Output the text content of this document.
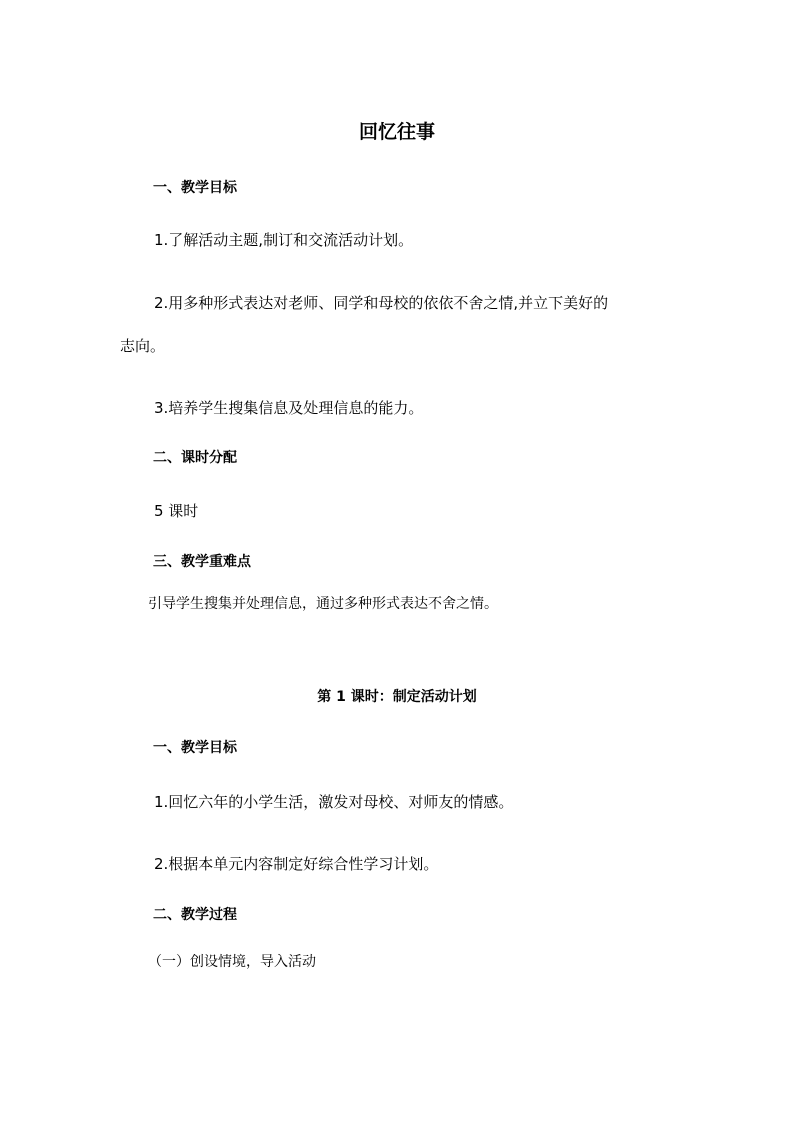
回忆往事
一、教学目标
1.了解活动主题,制订和交流活动计划。
2.用多种形式表达对老师、同学和母校的依依不舍之情,并立下美好的
志向。
3.培养学生搜集信息及处理信息的能力。
二、课时分配
5 课时
三、教学重难点
引导学生搜集并处理信息，通过多种形式表达不舍之情。
第 1 课时：制定活动计划
一、教学目标
1.回忆六年的小学生活，激发对母校、对师友的情感。
2.根据本单元内容制定好综合性学习计划。
二、教学过程
（一）创设情境，导入活动
